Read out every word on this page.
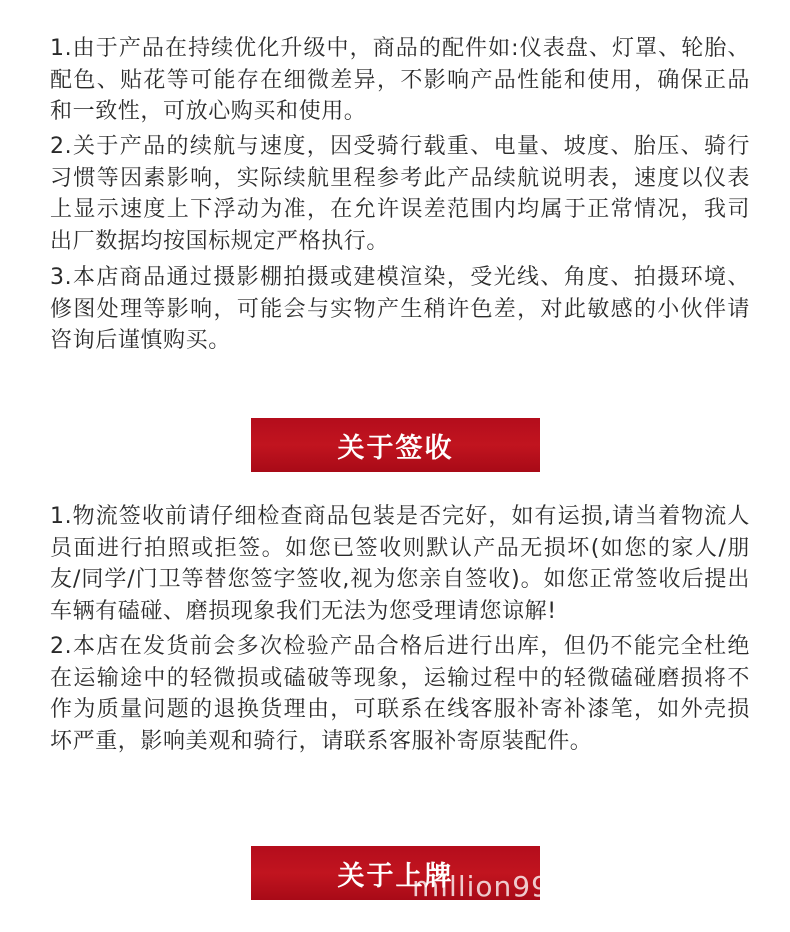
1.由于产品在持续优化升级中，商品的配件如:仪表盘、灯罩、轮胎、配色、贴花等可能存在细微差异，不影响产品性能和使用，确保正品和一致性，可放心购买和使用。

2.关于产品的续航与速度，因受骑行载重、电量、坡度、胎压、骑行习惯等因素影响，实际续航里程参考此产品续航说明表，速度以仪表上显示速度上下浮动为准，在允许误差范围内均属于正常情况，我司出厂数据均按国标规定严格执行。

3.本店商品通过摄影棚拍摄或建模渲染，受光线、角度、拍摄环境、修图处理等影响，可能会与实物产生稍许色差，对此敏感的小伙伴请咨询后谨慎购买。

关于签收

1.物流签收前请仔细检查商品包装是否完好，如有运损,请当着物流人员面进行拍照或拒签。如您已签收则默认产品无损坏(如您的家人/朋友/同学/门卫等替您签字签收,视为您亲自签收)。如您正常签收后提出车辆有磕碰、磨损现象我们无法为您受理请您谅解!

2.本店在发货前会多次检验产品合格后进行出库，但仍不能完全杜绝在运输途中的轻微损或磕破等现象，运输过程中的轻微磕碰磨损将不作为质量问题的退换货理由，可联系在线客服补寄补漆笔，如外壳损坏严重，影响美观和骑行，请联系客服补寄原装配件。

关于上牌
million99
